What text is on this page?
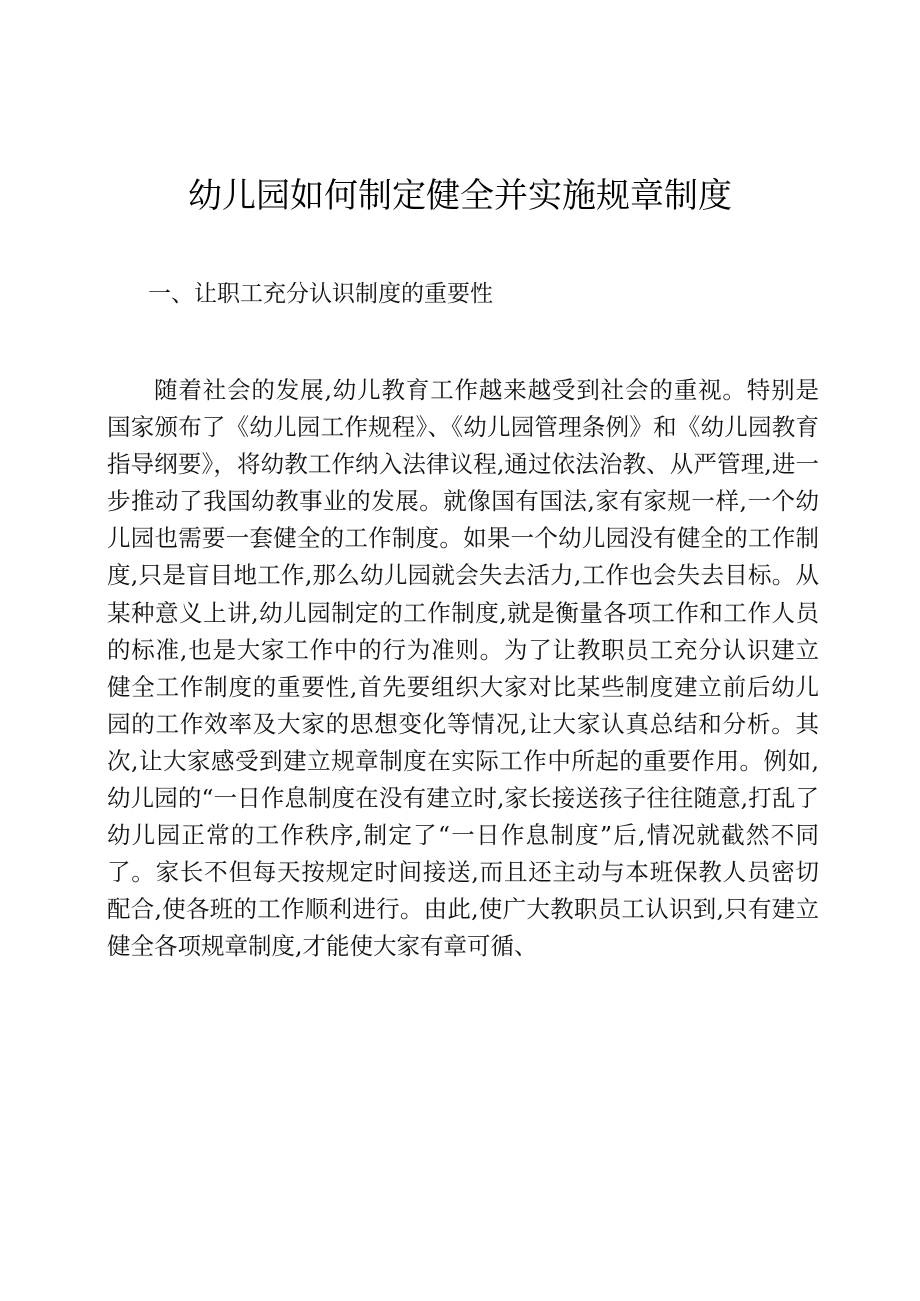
幼儿园如何制定健全并实施规章制度
一、让职工充分认识制度的重要性

随着社会的发展,幼儿教育工作越来越受到社会的重视。特别是国家颁布了《幼儿园工作规程》、《幼儿园管理条例》和《幼儿园教育指导纲要》，将幼教工作纳入法律议程,通过依法治教、从严管理,进一步推动了我国幼教事业的发展。就像国有国法,家有家规一样,一个幼儿园也需要一套健全的工作制度。如果一个幼儿园没有健全的工作制度,只是盲目地工作,那么幼儿园就会失去活力,工作也会失去目标。从某种意义上讲,幼儿园制定的工作制度,就是衡量各项工作和工作人员的标准,也是大家工作中的行为准则。为了让教职员工充分认识建立健全工作制度的重要性,首先要组织大家对比某些制度建立前后幼儿园的工作效率及大家的思想变化等情况,让大家认真总结和分析。其次,让大家感受到建立规章制度在实际工作中所起的重要作用。例如,幼儿园的“一日作息制度在没有建立时,家长接送孩子往往随意,打乱了幼儿园正常的工作秩序,制定了“一日作息制度”后,情况就截然不同了。家长不但每天按规定时间接送,而且还主动与本班保教人员密切配合,使各班的工作顺利进行。由此,使广大教职员工认识到,只有建立健全各项规章制度,才能使大家有章可循、
